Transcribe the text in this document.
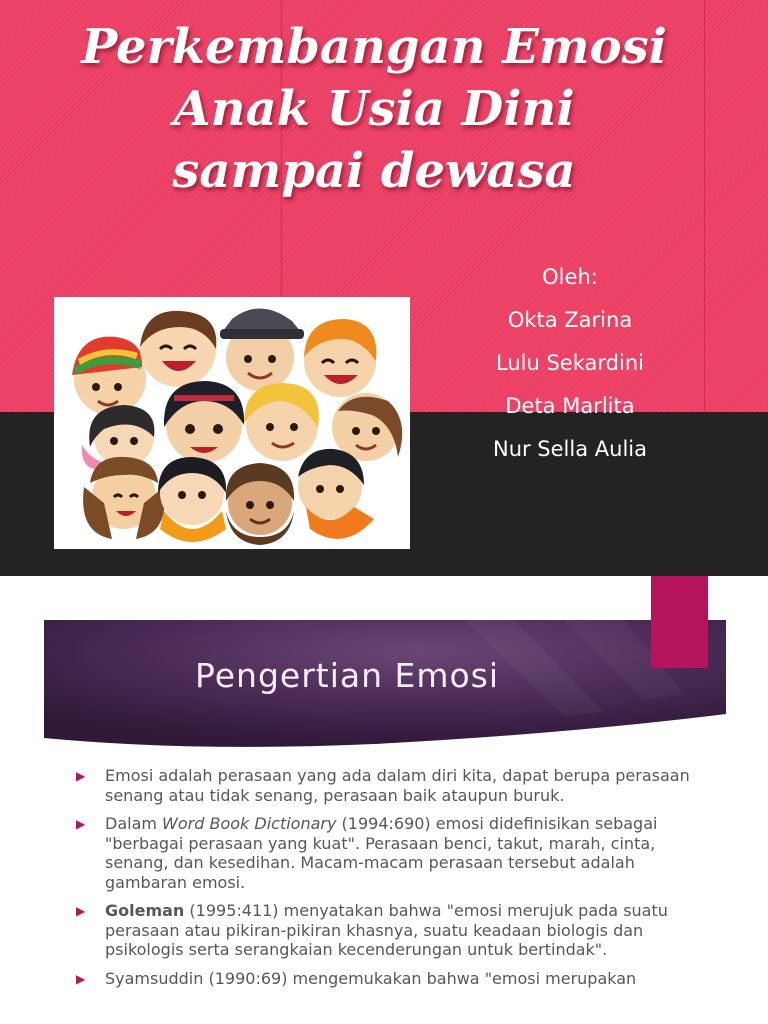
Perkembangan Emosi
Anak Usia Dini
sampai dewasa
Oleh:
Okta Zarina
Lulu Sekardini
Deta Marlita
Nur Sella Aulia
Pengertian Emosi
▶ Emosi adalah perasaan yang ada dalam diri kita, dapat berupa perasaan senang atau tidak senang, perasaan baik ataupun buruk.
▶ Dalam Word Book Dictionary (1994:690) emosi didefinisikan sebagai "berbagai perasaan yang kuat". Perasaan benci, takut, marah, cinta, senang, dan kesedihan. Macam-macam perasaan tersebut adalah gambaran emosi.
▶ Goleman (1995:411) menyatakan bahwa "emosi merujuk pada suatu perasaan atau pikiran-pikiran khasnya, suatu keadaan biologis dan psikologis serta serangkaian kecenderungan untuk bertindak".
▶ Syamsuddin (1990:69) mengemukakan bahwa "emosi merupakan
